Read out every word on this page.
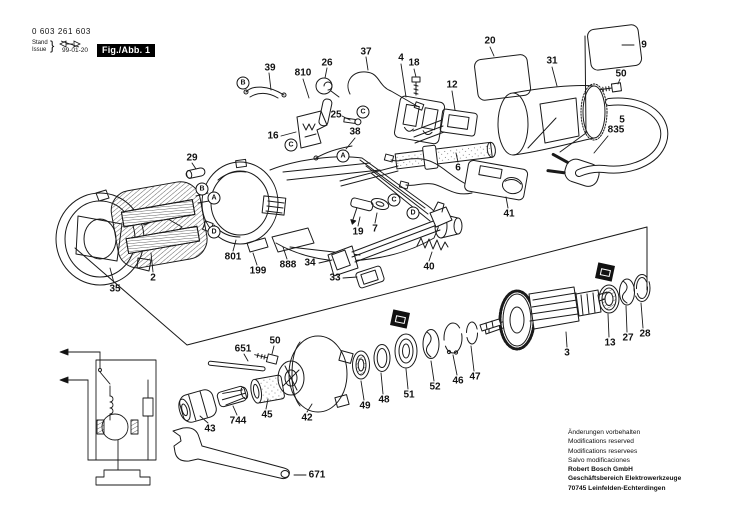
0 603 261 603
Stand
Issue } 99-01-20	Fig./Abb. 1
39 810
26
37
4 18
12
20
31
9
50
5
835
25
16	38
29
6
41
19 7
801
199
888 34
33
40
2
35
3
13 27 28
651
50
43
744
45	42
49
48 51
52
46 47
671
B
C
C
A
B
A
D
C
D
Änderungen vorbehalten
Modifications reserved
Modifications reservees
Salvo modificaciones
Robert Bosch GmbH
Geschäftsbereich Elektrowerkzeuge
70745 Leinfelden-Echterdingen
